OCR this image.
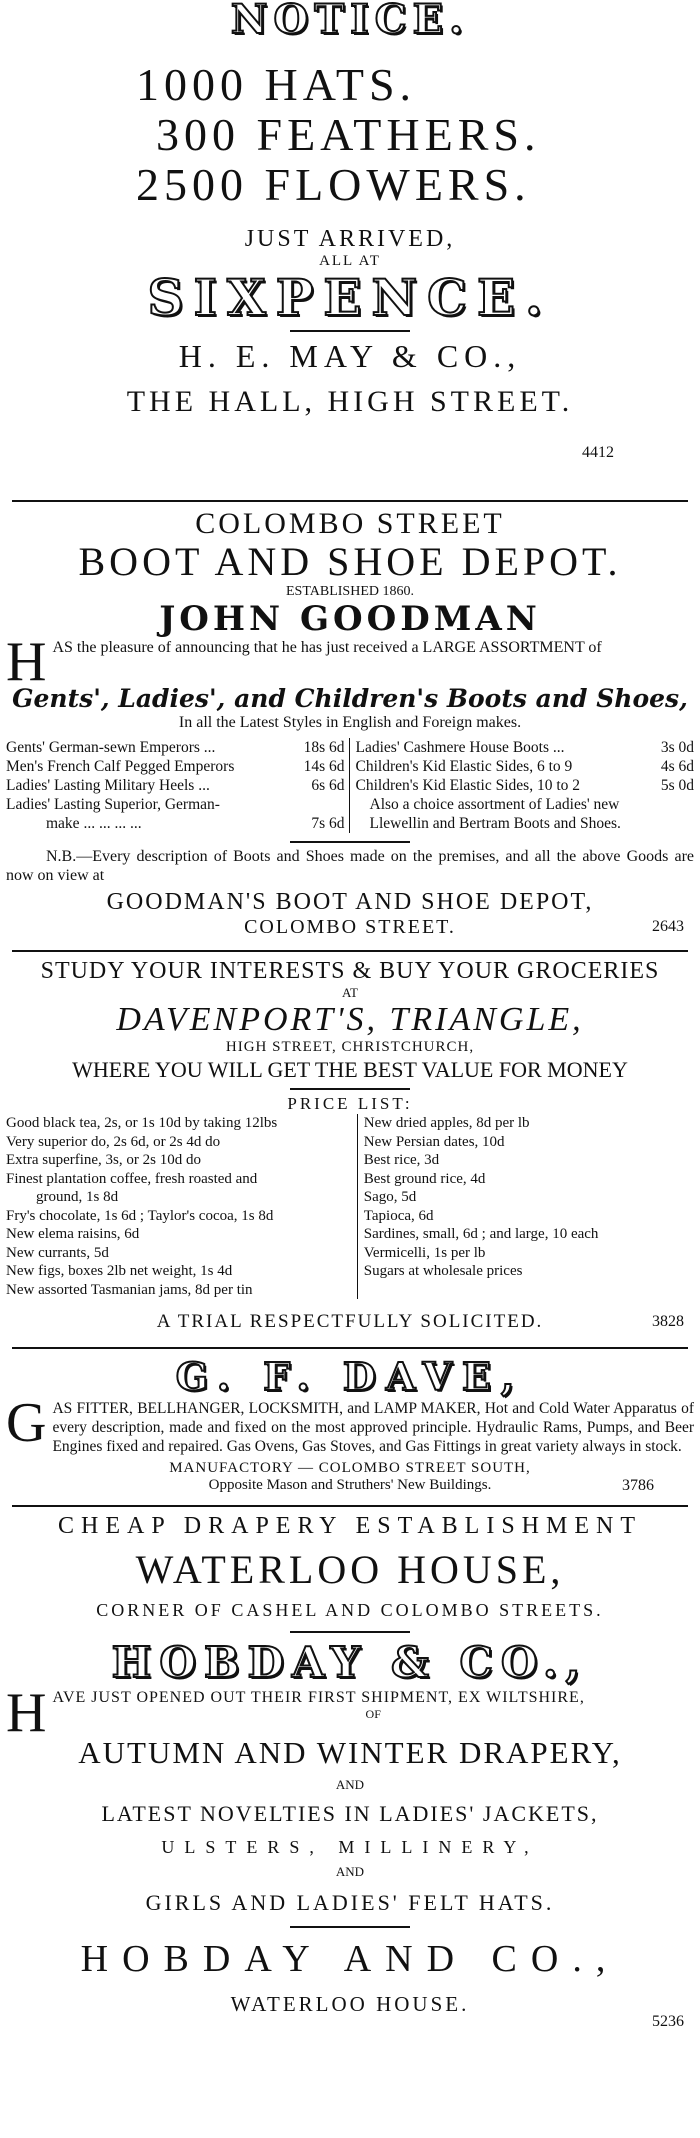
NOTICE.
1000 HATS.
300 FEATHERS.
2500 FLOWERS.
JUST ARRIVED,
ALL AT
SIXPENCE.
H. E. MAY & CO.,
THE HALL, HIGH STREET.
4412
COLOMBO STREET
BOOT AND SHOE DEPOT.
ESTABLISHED 1860.
JOHN GOODMAN
H AS the pleasure of announcing that he has just received a LARGE ASSORTMENT of
Gents', Ladies', and Children's Boots and Shoes,
In all the Latest Styles in English and Foreign makes.
Gents' German-sewn Emperors ...	18s 6d
Men's French Calf Pegged Emperors	14s 6d
Ladies' Lasting Military Heels ...	6s 6d
Ladies' Lasting Superior, German-
make ... ... ... ...	7s 6d
Ladies' Cashmere House Boots ...	3s 0d
Children's Kid Elastic Sides, 6 to 9	4s 6d
Children's Kid Elastic Sides, 10 to 2	5s 0d
Also a choice assortment of Ladies' new
Llewellin and Bertram Boots and Shoes.
N.B.—Every description of Boots and Shoes made on the premises, and all the above Goods are now on view at
GOODMAN'S BOOT AND SHOE DEPOT,
COLOMBO STREET.	2643
STUDY YOUR INTERESTS & BUY YOUR GROCERIES
AT
DAVENPORT'S, TRIANGLE,
HIGH STREET, CHRISTCHURCH,
WHERE YOU WILL GET THE BEST VALUE FOR MONEY
PRICE LIST:
Good black tea, 2s, or 1s 10d by taking 12lbs
Very superior do, 2s 6d, or 2s 4d do
Extra superfine, 3s, or 2s 10d do
Finest plantation coffee, fresh roasted and
ground, 1s 8d
Fry's chocolate, 1s 6d ; Taylor's cocoa, 1s 8d
New elema raisins, 6d
New currants, 5d
New figs, boxes 2lb net weight, 1s 4d
New assorted Tasmanian jams, 8d per tin
New dried apples, 8d per lb
New Persian dates, 10d
Best rice, 3d
Best ground rice, 4d
Sago, 5d
Tapioca, 6d
Sardines, small, 6d ; and large, 10 each
Vermicelli, 1s per lb
Sugars at wholesale prices
A TRIAL RESPECTFULLY SOLICITED.	3828
G. F. DAVE,
G AS FITTER, BELLHANGER, LOCKSMITH, and LAMP MAKER, Hot and Cold Water Apparatus of every description, made and fixed on the most approved principle. Hydraulic Rams, Pumps, and Beer Engines fixed and repaired. Gas Ovens, Gas Stoves, and Gas Fittings in great variety always in stock.
MANUFACTORY — COLOMBO STREET SOUTH,
Opposite Mason and Struthers' New Buildings.	3786
CHEAP DRAPERY ESTABLISHMENT
WATERLOO HOUSE,
CORNER OF CASHEL AND COLOMBO STREETS.
HOBDAY & CO.,
H AVE JUST OPENED OUT THEIR FIRST SHIPMENT, EX WILTSHIRE,
OF
AUTUMN AND WINTER DRAPERY,
AND
LATEST NOVELTIES IN LADIES' JACKETS,
ULSTERS, MILLINERY,
AND
GIRLS AND LADIES' FELT HATS.
HOBDAY AND CO.,
WATERLOO HOUSE.
5236
